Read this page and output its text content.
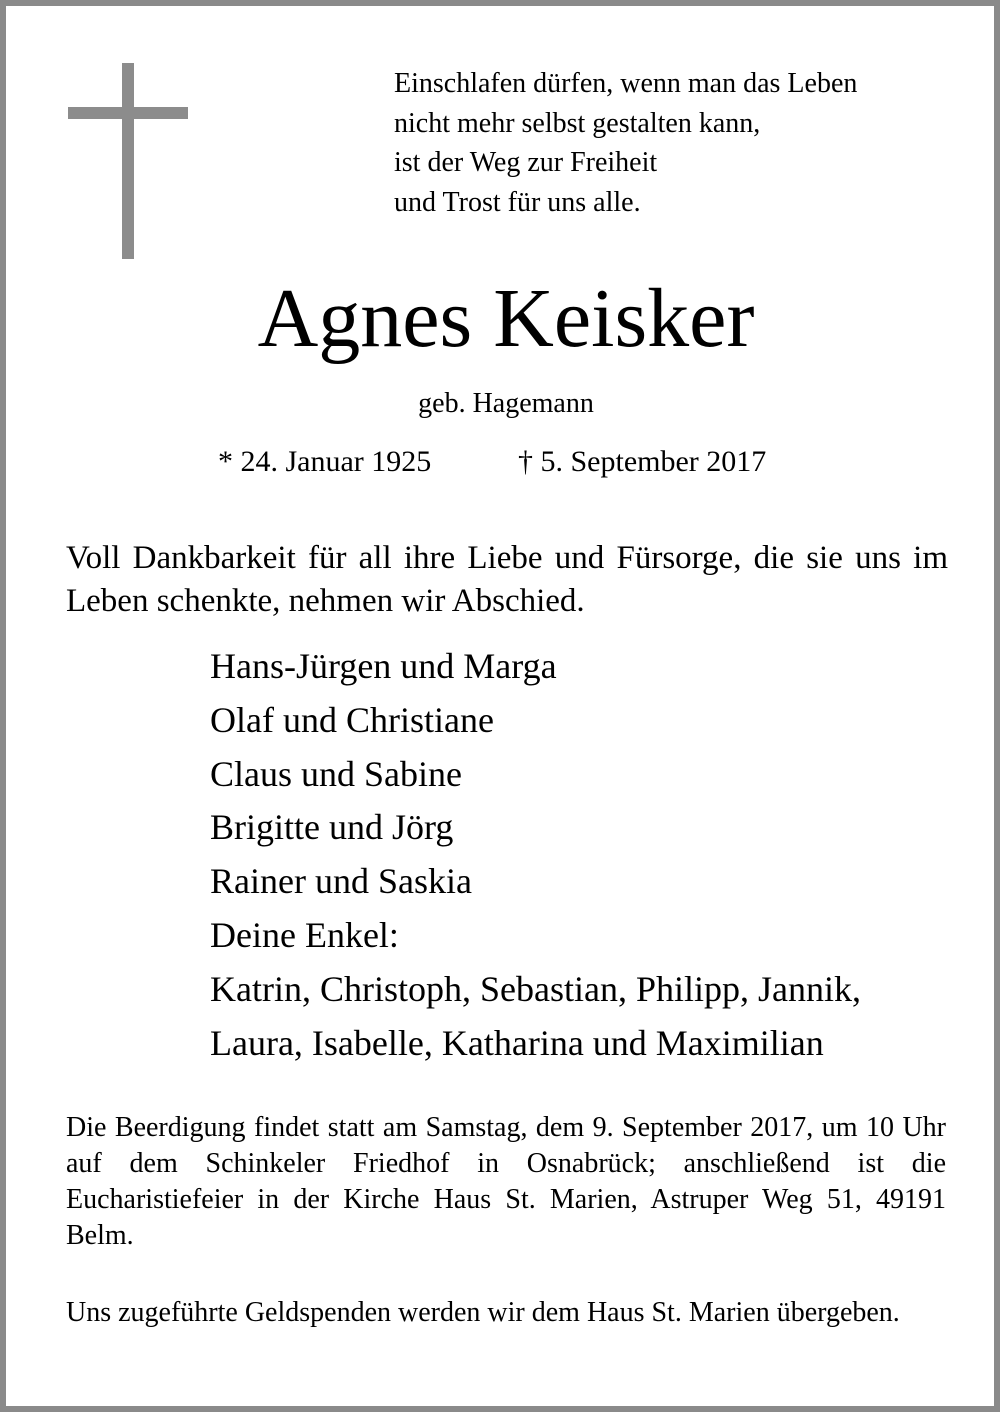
Einschlafen dürfen, wenn man das Leben
nicht mehr selbst gestalten kann,
ist der Weg zur Freiheit
und Trost für uns alle.
Agnes Keisker
geb. Hagemann
* 24. Januar 1925	† 5. September 2017
Voll Dankbarkeit für all ihre Liebe und Fürsorge, die sie uns im Leben schenkte, nehmen wir Abschied.
Hans-Jürgen und Marga
Olaf und Christiane
Claus und Sabine
Brigitte und Jörg
Rainer und Saskia
Deine Enkel:
Katrin, Christoph, Sebastian, Philipp, Jannik,
Laura, Isabelle, Katharina und Maximilian
Die Beerdigung findet statt am Samstag, dem 9. September 2017, um 10 Uhr auf dem Schinkeler Friedhof in Osnabrück; anschließend ist die Eucharistiefeier in der Kirche Haus St. Marien, Astruper Weg 51, 49191 Belm.
Uns zugeführte Geldspenden werden wir dem Haus St. Marien übergeben.
